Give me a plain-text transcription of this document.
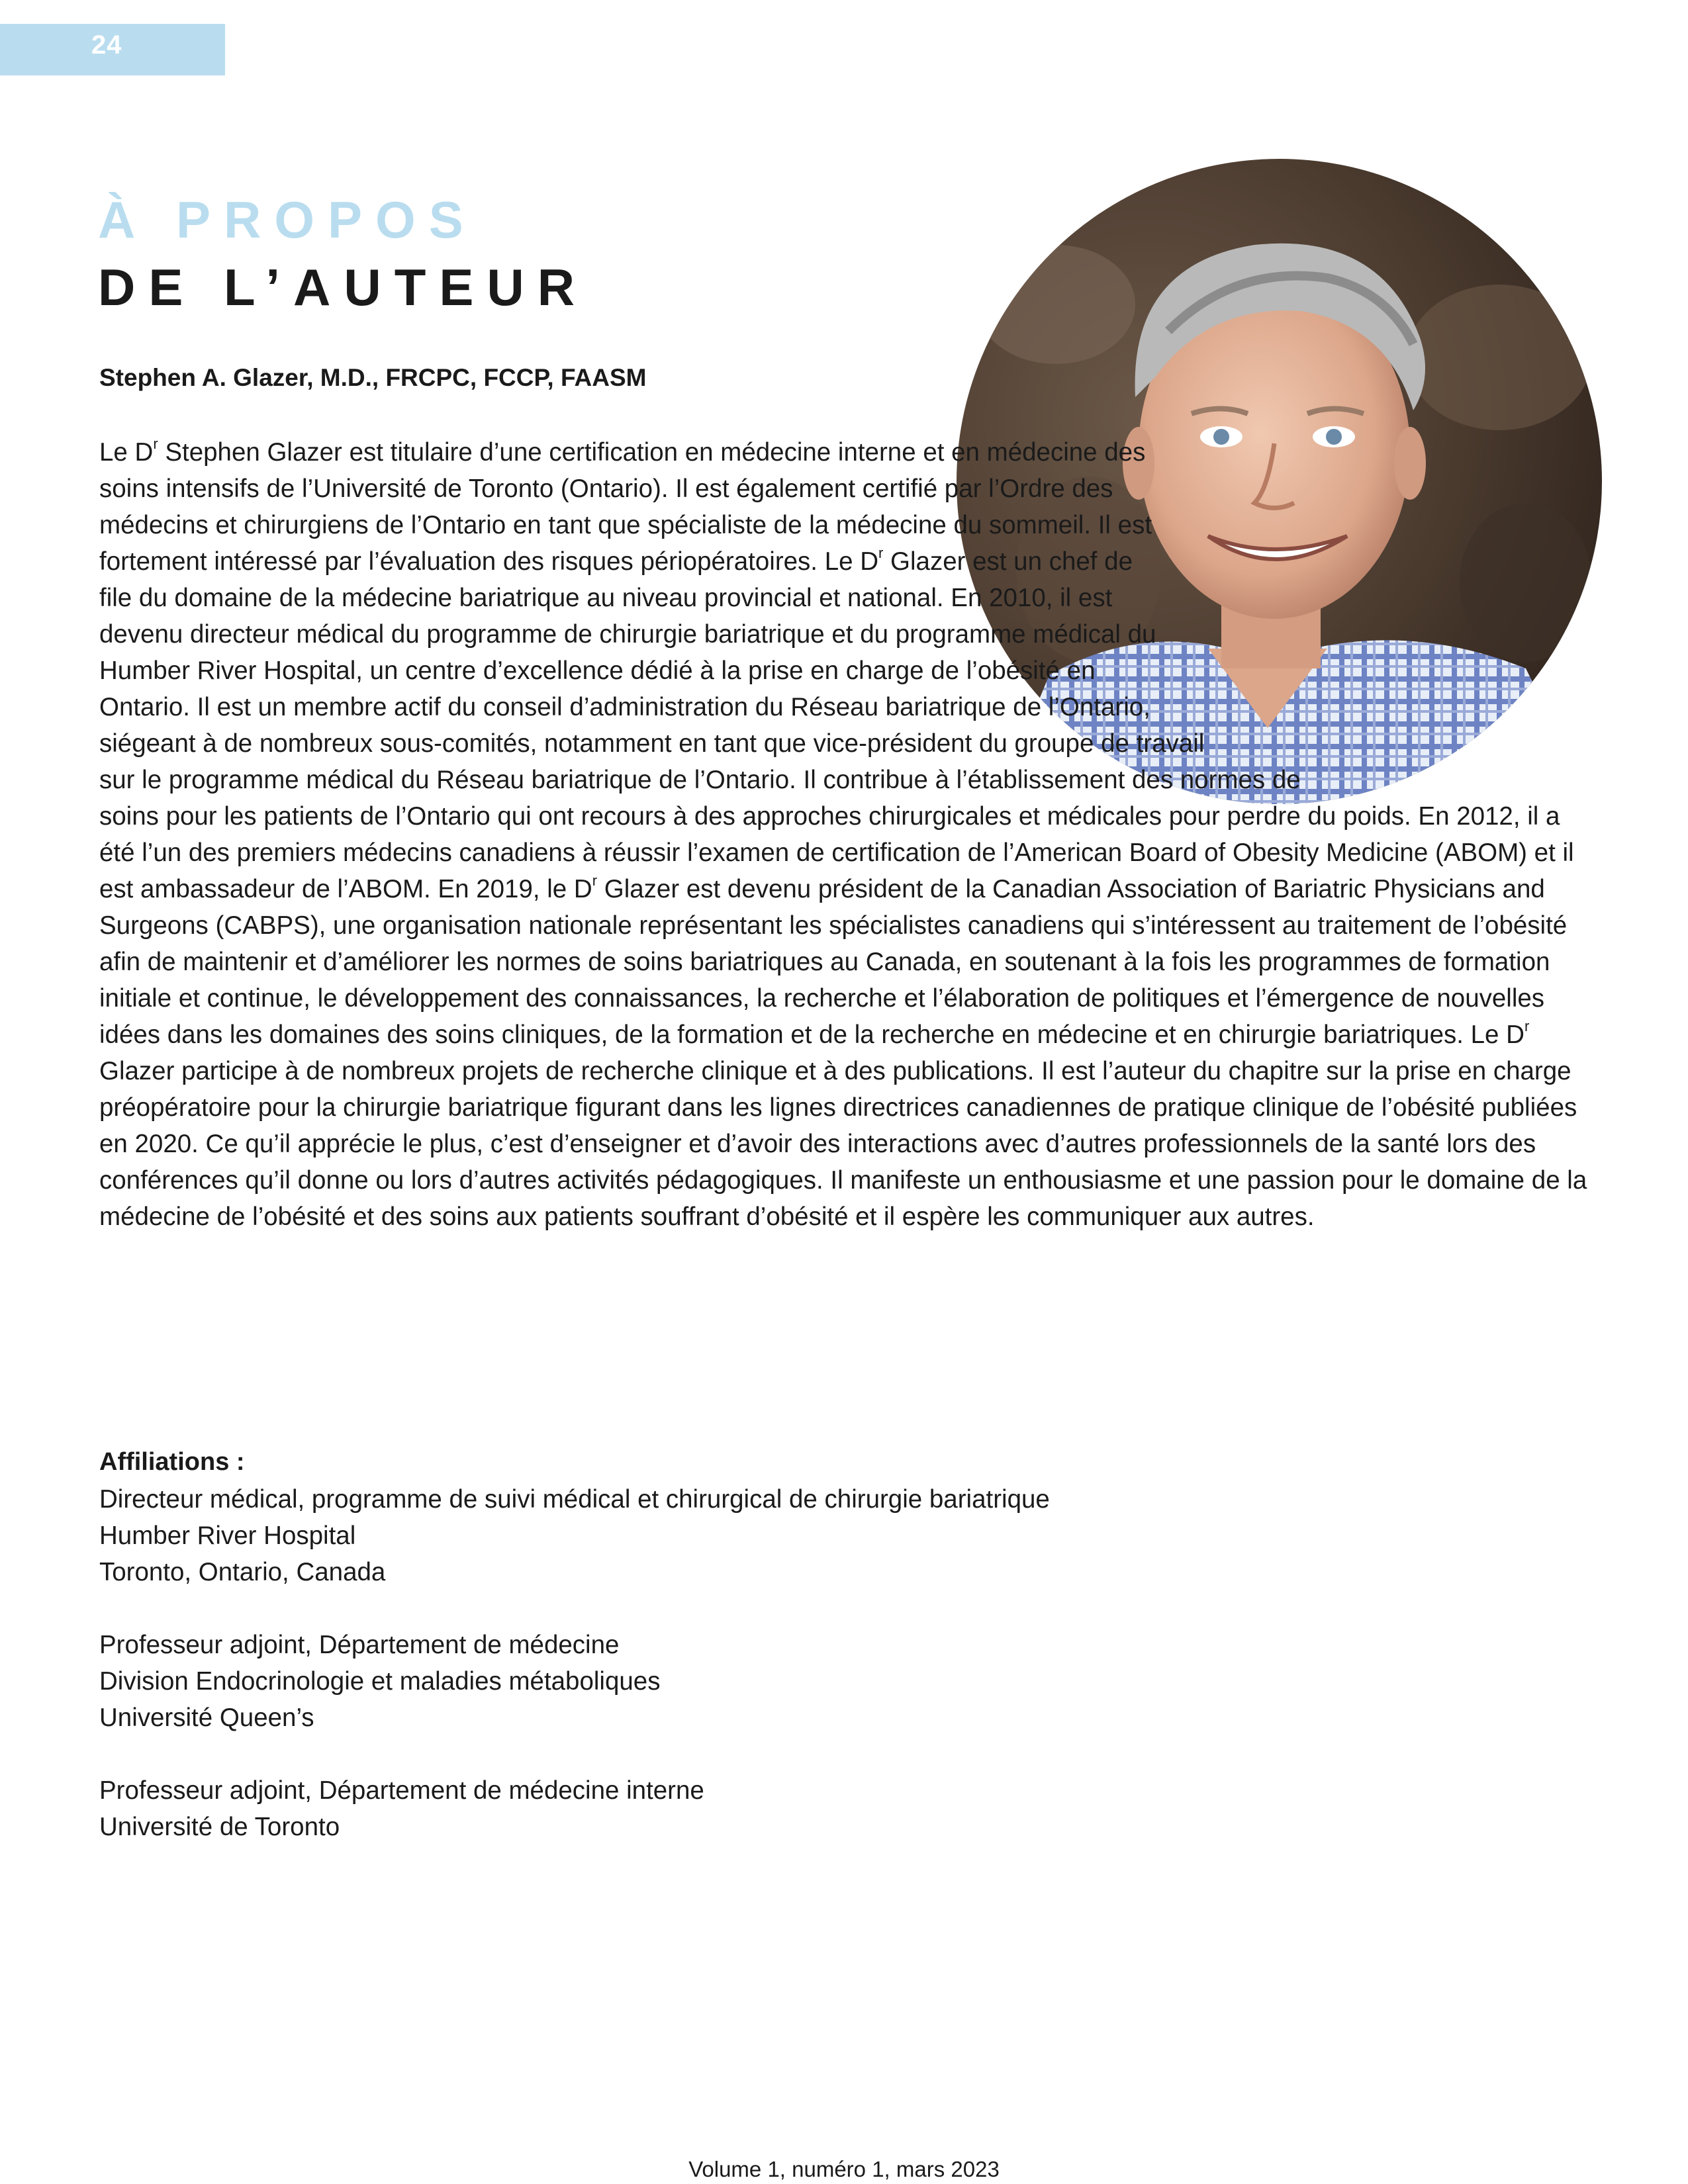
24
À PROPOS
DE L’AUTEUR
Stephen A. Glazer, M.D., FRCPC, FCCP, FAASM

Le $D^r$ Stephen Glazer est titulaire d’une certification en médecine interne et en médecine des soins intensifs de l’Université de Toronto (Ontario). Il est également certifié par l’Ordre des médecins et chirurgiens de l’Ontario en tant que spécialiste de la médecine du sommeil. Il est fortement intéressé par l’évaluation des risques périopératoires. Le $D^r$ Glazer est un chef de file du domaine de la médecine bariatrique au niveau provincial et national. En 2010, il est devenu directeur médical du programme de chirurgie bariatrique et du programme médical du Humber River Hospital, un centre d’excellence dédié à la prise en charge de l’obésité en Ontario. Il est un membre actif du conseil d’administration du Réseau bariatrique de l’Ontario, siégeant à de nombreux sous-comités, notamment en tant que vice-président du groupe de travail sur le programme médical du Réseau bariatrique de l’Ontario. Il contribue à l’établissement des normes de soins pour les patients de l’Ontario qui ont recours à des approches chirurgicales et médicales pour perdre du poids. En 2012, il a été l’un des premiers médecins canadiens à réussir l’examen de certification de l’American Board of Obesity Medicine (ABOM) et il est ambassadeur de l’ABOM. En 2019, le $D^r$ Glazer est devenu président de la Canadian Association of Bariatric Physicians and Surgeons (CABPS), une organisation nationale représentant les spécialistes canadiens qui s’intéressent au traitement de l’obésité afin de maintenir et d’améliorer les normes de soins bariatriques au Canada, en soutenant à la fois les programmes de formation initiale et continue, le développement des connaissances, la recherche et l’élaboration de politiques et l’émergence de nouvelles idées dans les domaines des soins cliniques, de la formation et de la recherche en médecine et en chirurgie bariatriques. Le $D^r$ Glazer participe à de nombreux projets de recherche clinique et à des publications. Il est l’auteur du chapitre sur la prise en charge préopératoire pour la chirurgie bariatrique figurant dans les lignes directrices canadiennes de pratique clinique de l’obésité publiées en 2020. Ce qu’il apprécie le plus, c’est d’enseigner et d’avoir des interactions avec d’autres professionnels de la santé lors des conférences qu’il donne ou lors d’autres activités pédagogiques. Il manifeste un enthousiasme et une passion pour le domaine de la médecine de l’obésité et des soins aux patients souffrant d’obésité et il espère les communiquer aux autres.

Affiliations :
Directeur médical, programme de suivi médical et chirurgical de chirurgie bariatrique
Humber River Hospital
Toronto, Ontario, Canada
Professeur adjoint, Département de médecine
Division Endocrinologie et maladies métaboliques
Université Queen’s
Professeur adjoint, Département de médecine interne
Université de Toronto
Volume 1, numéro 1, mars 2023
